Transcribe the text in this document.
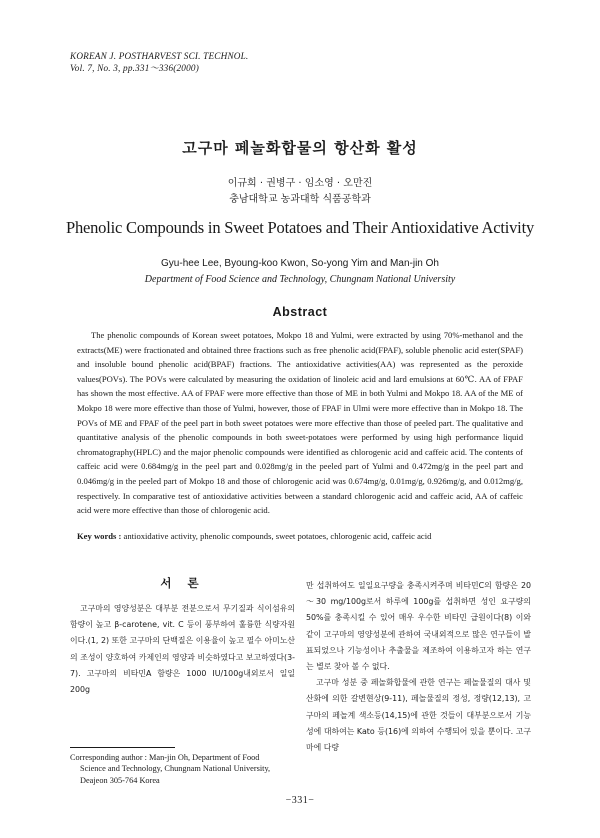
KOREAN J. POSTHARVEST SCI. TECHNOL.
Vol. 7, No. 3, pp.331～336(2000)
고구마 페놀화합물의 항산화 활성
이규희 · 권병구 · 임소영 · 오만진
충남대학교 농과대학 식품공학과
Phenolic Compounds in Sweet Potatoes and Their Antioxidative Activity
Gyu-hee Lee, Byoung-koo Kwon, So-yong Yim and Man-jin Oh
Department of Food Science and Technology, Chungnam National University
Abstract
The phenolic compounds of Korean sweet potatoes, Mokpo 18 and Yulmi, were extracted by using 70%-methanol and the extracts(ME) were fractionated and obtained three fractions such as free phenolic acid(FPAF), soluble phenolic acid ester(SPAF) and insoluble bound phenolic acid(BPAF) fractions. The antioxidative activities(AA) was represented as the peroxide values(POVs). The POVs were calculated by measuring the oxidation of linoleic acid and lard emulsions at 60℃. AA of FPAF has shown the most effective. AA of FPAF were more effective than those of ME in both Yulmi and Mokpo 18. AA of the ME of Mokpo 18 were more effective than those of Yulmi, however, those of FPAF in Ulmi were more effective than in Mokpo 18. The POVs of ME and FPAF of the peel part in both sweet potatoes were more effective than those of peeled part. The qualitative and quantitative analysis of the phenolic compounds in both sweet-potatoes were performed by using high performance liquid chromatography(HPLC) and the major phenolic compounds were identified as chlorogenic acid and caffeic acid. The contents of caffeic acid were 0.684mg/g in the peel part and 0.028mg/g in the peeled part of Yulmi and 0.472mg/g in the peel part and 0.046mg/g in the peeled part of Mokpo 18 and those of chlorogenic acid was 0.674mg/g, 0.01mg/g, 0.926mg/g, and 0.012mg/g, respectively. In comparative test of antioxidative activities between a standard chlorogenic acid and caffeic acid, AA of caffeic acid were more effective than those of chlorogenic acid.
Key words : antioxidative activity, phenolic compounds, sweet potatoes, chlorogenic acid, caffeic acid
서 론

고구마의 영양성분은 대부분 전분으로서 무기질과 식이섬유의 함량이 높고 β-carotene, vit. C 등이 풍부하여 훌륭한 식량자원이다.(1, 2) 또한 고구마의 단백질은 이용율이 높고 필수 아미노산의 조성이 양호하여 카제인의 영양과 비슷하였다고 보고하였다(3-7). 고구마의 비타민A 함량은 1000 IU/100g내외로서 일일 200g

만 섭취하여도 일일요구량을 충족시켜주며 비타민C의 함량은 20～30 mg/100g로서 하루에 100g를 섭취하면 성인 요구량의 50%를 충족시킬 수 있어 매우 우수한 비타민 급원이다(8) 이와 같이 고구마의 영양성분에 관하여 국내외적으로 많은 연구들이 발표되었으나 기능성이나 추출물을 제조하여 이용하고자 하는 연구는 별로 찾아 볼 수 없다.

고구마 성분 중 페놀화합물에 관한 연구는 페놀물질의 대사 및 산화에 의한 갈변현상(9-11), 페놀물질의 정성, 정량(12,13), 고구마의 페놀계 색소등(14,15)에 관한 것들이 대부분으로서 기능성에 대하여는 Kato 등(16)에 의하여 수행되어 있을 뿐이다. 고구마에 다량

Corresponding author : Man-jin Oh, Department of Food
Science and Technology, Chungnam National University,
Deajeon 305-764 Korea
−331−
